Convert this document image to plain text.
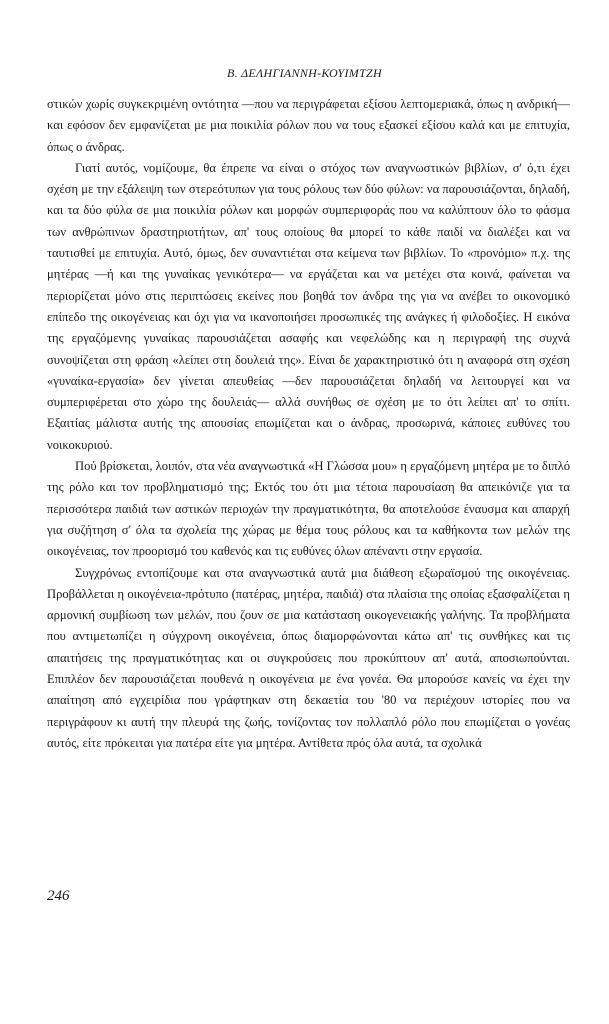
Β. ΔΕΛΗΓΙΑΝΝΗ-ΚΟΥΙΜΤΖΗ

στικών χωρίς συγκεκριμένη οντότητα —που να περιγράφεται εξίσου λεπτομεριακά, όπως η ανδρική— και εφόσον δεν εμφανίζεται με μια ποικιλία ρόλων που να τους εξασκεί εξίσου καλά και με επιτυχία, όπως ο άνδρας.

Γιατί αυτός, νομίζουμε, θα έπρεπε να είναι ο στόχος των αναγνωστικών βιβλίων, σ' ό,τι έχει σχέση με την εξάλειψη των στερεότυπων για τους ρόλους των δύο φύλων: να παρουσιάζονται, δηλαδή, και τα δύο φύλα σε μια ποικιλία ρόλων και μορφών συμπεριφοράς που να καλύπτουν όλο το φάσμα των ανθρώπινων δραστηριοτήτων, απ' τους οποίους θα μπορεί το κάθε παιδί να διαλέξει και να ταυτισθεί με επιτυχία. Αυτό, όμως, δεν συναντιέται στα κείμενα των βιβλίων. Το «προνόμιο» π.χ. της μητέρας —ή και της γυναίκας γενικότερα— να εργάζεται και να μετέχει στα κοινά, φαίνεται να περιορίζεται μόνο στις περιπτώσεις εκείνες που βοηθά τον άνδρα της για να ανέβει το οικονομικό επίπεδο της οικογένειας και όχι για να ικανοποιήσει προσωπικές της ανάγκες ή φιλοδοξίες. Η εικόνα της εργαζόμενης γυναίκας παρουσιάζεται ασαφής και νεφελώδης και η περιγραφή της συχνά συνοψίζεται στη φράση «λείπει στη δουλειά της». Είναι δε χαρακτηριστικό ότι η αναφορά στη σχέση «γυναίκα-εργασία» δεν γίνεται απευθείας —δεν παρουσιάζεται δηλαδή να λειτουργεί και να συμπεριφέρεται στο χώρο της δουλειάς— αλλά συνήθως σε σχέση με το ότι λείπει απ' το σπίτι. Εξαιτίας μάλιστα αυτής της απουσίας επωμίζεται και ο άνδρας, προσωρινά, κάποιες ευθύνες του νοικοκυριού.

Πού βρίσκεται, λοιπόν, στα νέα αναγνωστικά «Η Γλώσσα μου» η εργαζόμενη μητέρα με το διπλό της ρόλο και τον προβληματισμό της; Εκτός του ότι μια τέτοια παρουσίαση θα απεικόνιζε για τα περισσότερα παιδιά των αστικών περιοχών την πραγματικότητα, θα αποτελούσε έναυσμα και απαρχή για συζήτηση σ' όλα τα σχολεία της χώρας με θέμα τους ρόλους και τα καθήκοντα των μελών της οικογένειας, τον προορισμό του καθενός και τις ευθύνες όλων απέναντι στην εργασία.

Συγχρόνως εντοπίζουμε και στα αναγνωστικά αυτά μια διάθεση εξωραϊσμού της οικογένειας. Προβάλλεται η οικογένεια-πρότυπο (πατέρας, μητέρα, παιδιά) στα πλαίσια της οποίας εξασφαλίζεται η αρμονική συμβίωση των μελών, που ζουν σε μια κατάσταση οικογενειακής γαλήνης. Τα προβλήματα που αντιμετωπίζει η σύγχρονη οικογένεια, όπως διαμορφώνονται κάτω απ' τις συνθήκες και τις απαιτήσεις της πραγματικότητας και οι συγκρούσεις που προκύπτουν απ' αυτά, αποσιωπούνται. Επιπλέον δεν παρουσιάζεται πουθενά η οικογένεια με ένα γονέα. Θα μπορούσε κανείς να έχει την απαίτηση από εγχειρίδια που γράφτηκαν στη δεκαετία του '80 να περιέχουν ιστορίες που να περιγράφουν κι αυτή την πλευρά της ζωής, τονίζοντας τον πολλαπλό ρόλο που επωμίζεται ο γονέας αυτός, είτε πρόκειται για πατέρα είτε για μητέρα. Αντίθετα πρός όλα αυτά, τα σχολικά

246
